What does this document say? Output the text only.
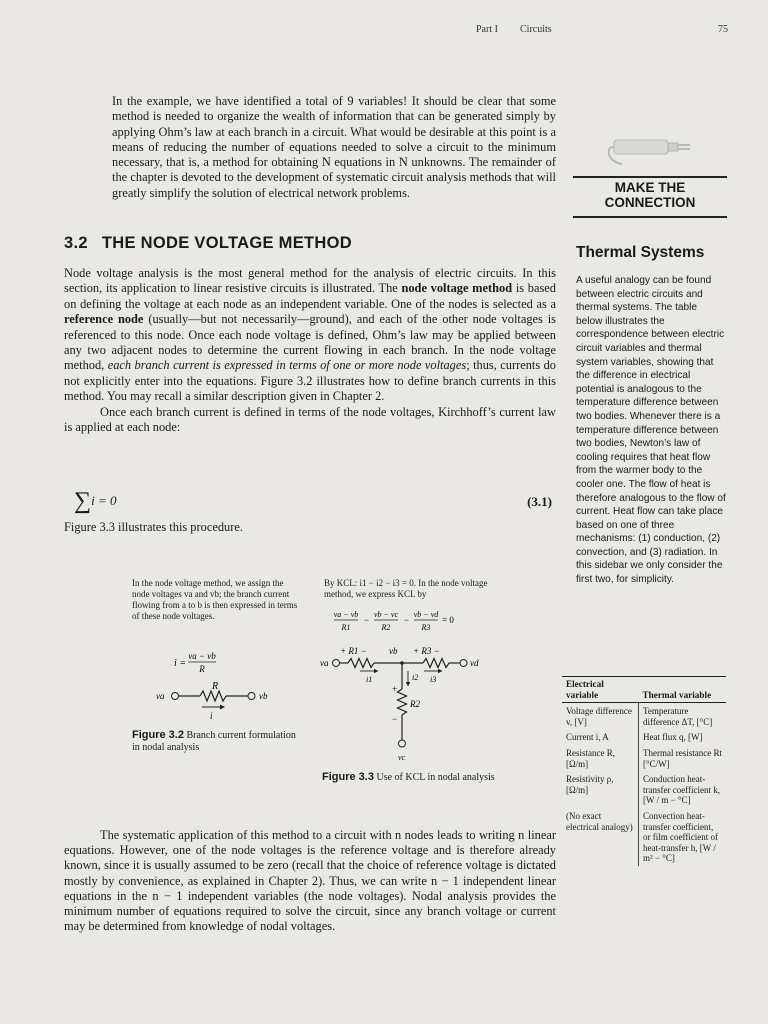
Part I Circuits	75
In the example, we have identified a total of 9 variables! It should be clear that some method is needed to organize the wealth of information that can be generated simply by applying Ohm’s law at each branch in a circuit. What would be desirable at this point is a means of reducing the number of equations needed to solve a circuit to the minimum necessary, that is, a method for obtaining N equations in N unknowns. The remainder of the chapter is devoted to the development of systematic circuit analysis methods that will greatly simplify the solution of electrical network problems.
3.2 THE NODE VOLTAGE METHOD

Node voltage analysis is the most general method for the analysis of electric circuits. In this section, its application to linear resistive circuits is illustrated. The node voltage method is based on defining the voltage at each node as an independent variable. One of the nodes is selected as a reference node (usually—but not necessarily—ground), and each of the other node voltages is referenced to this node. Once each node voltage is defined, Ohm’s law may be applied between any two adjacent nodes to determine the current flowing in each branch. In the node voltage method, each branch current is expressed in terms of one or more node voltages; thus, currents do not explicitly enter into the equations. Figure 3.2 illustrates how to define branch currents in this method. You may recall a similar description given in Chapter 2.

Once each branch current is defined in terms of the node voltages, Kirchhoff’s current law is applied at each node:

∑i = 0	(3.1)
Figure 3.3 illustrates this procedure.
In the node voltage method, we assign the node voltages va and vb; the branch current flowing from a to b is then expressed in terms of these node voltages.
i =
va − vb
R
R
va	vb
i
Figure 3.2 Branch current formulation in nodal analysis
By KCL: i1 − i2 − i3 = 0. In the node voltage method, we express KCL by
va − vb
R1
−
vb − vc
R2
−
vb − vd
R3
= 0
+ R1 − vb + R3 −
va	vd
vc
R2
+
−
i1	i2 i3
Figure 3.3 Use of KCL in nodal analysis
The systematic application of this method to a circuit with n nodes leads to writing n linear equations. However, one of the node voltages is the reference voltage and is therefore already known, since it is usually assumed to be zero (recall that the choice of reference voltage is dictated mostly by convenience, as explained in Chapter 2). Thus, we can write n − 1 independent linear equations in the n − 1 independent variables (the node voltages). Nodal analysis provides the minimum number of equations required to solve the circuit, since any branch voltage or current may be determined from knowledge of nodal voltages.
MAKE THE
CONNECTION
Thermal Systems
A useful analogy can be found between electric circuits and thermal systems. The table below illustrates the correspondence between electric circuit variables and thermal system variables, showing that the difference in electrical potential is analogous to the temperature difference between two bodies. Whenever there is a temperature difference between two bodies, Newton’s law of cooling requires that heat flow from the warmer body to the cooler one. The flow of heat is therefore analogous to the flow of current. Heat flow can take place based on one of three mechanisms: (1) conduction, (2) convection, and (3) radiation. In this sidebar we only consider the first two, for simplicity.
Electrical variable	Thermal variable
Voltage difference v, [V]	Temperature difference ΔT, [°C]
Current i, A	Heat flux q, [W]
Resistance R, [Ω/m]	Thermal resistance Rt [°C/W]
Resistivity ρ, [Ω/m]	Conduction heat-transfer coefficient k, [W / m − °C]
(No exact electrical analogy)	Convection heat-transfer coefficient, or film coefficient of heat-transfer h, [W / m² − °C]
